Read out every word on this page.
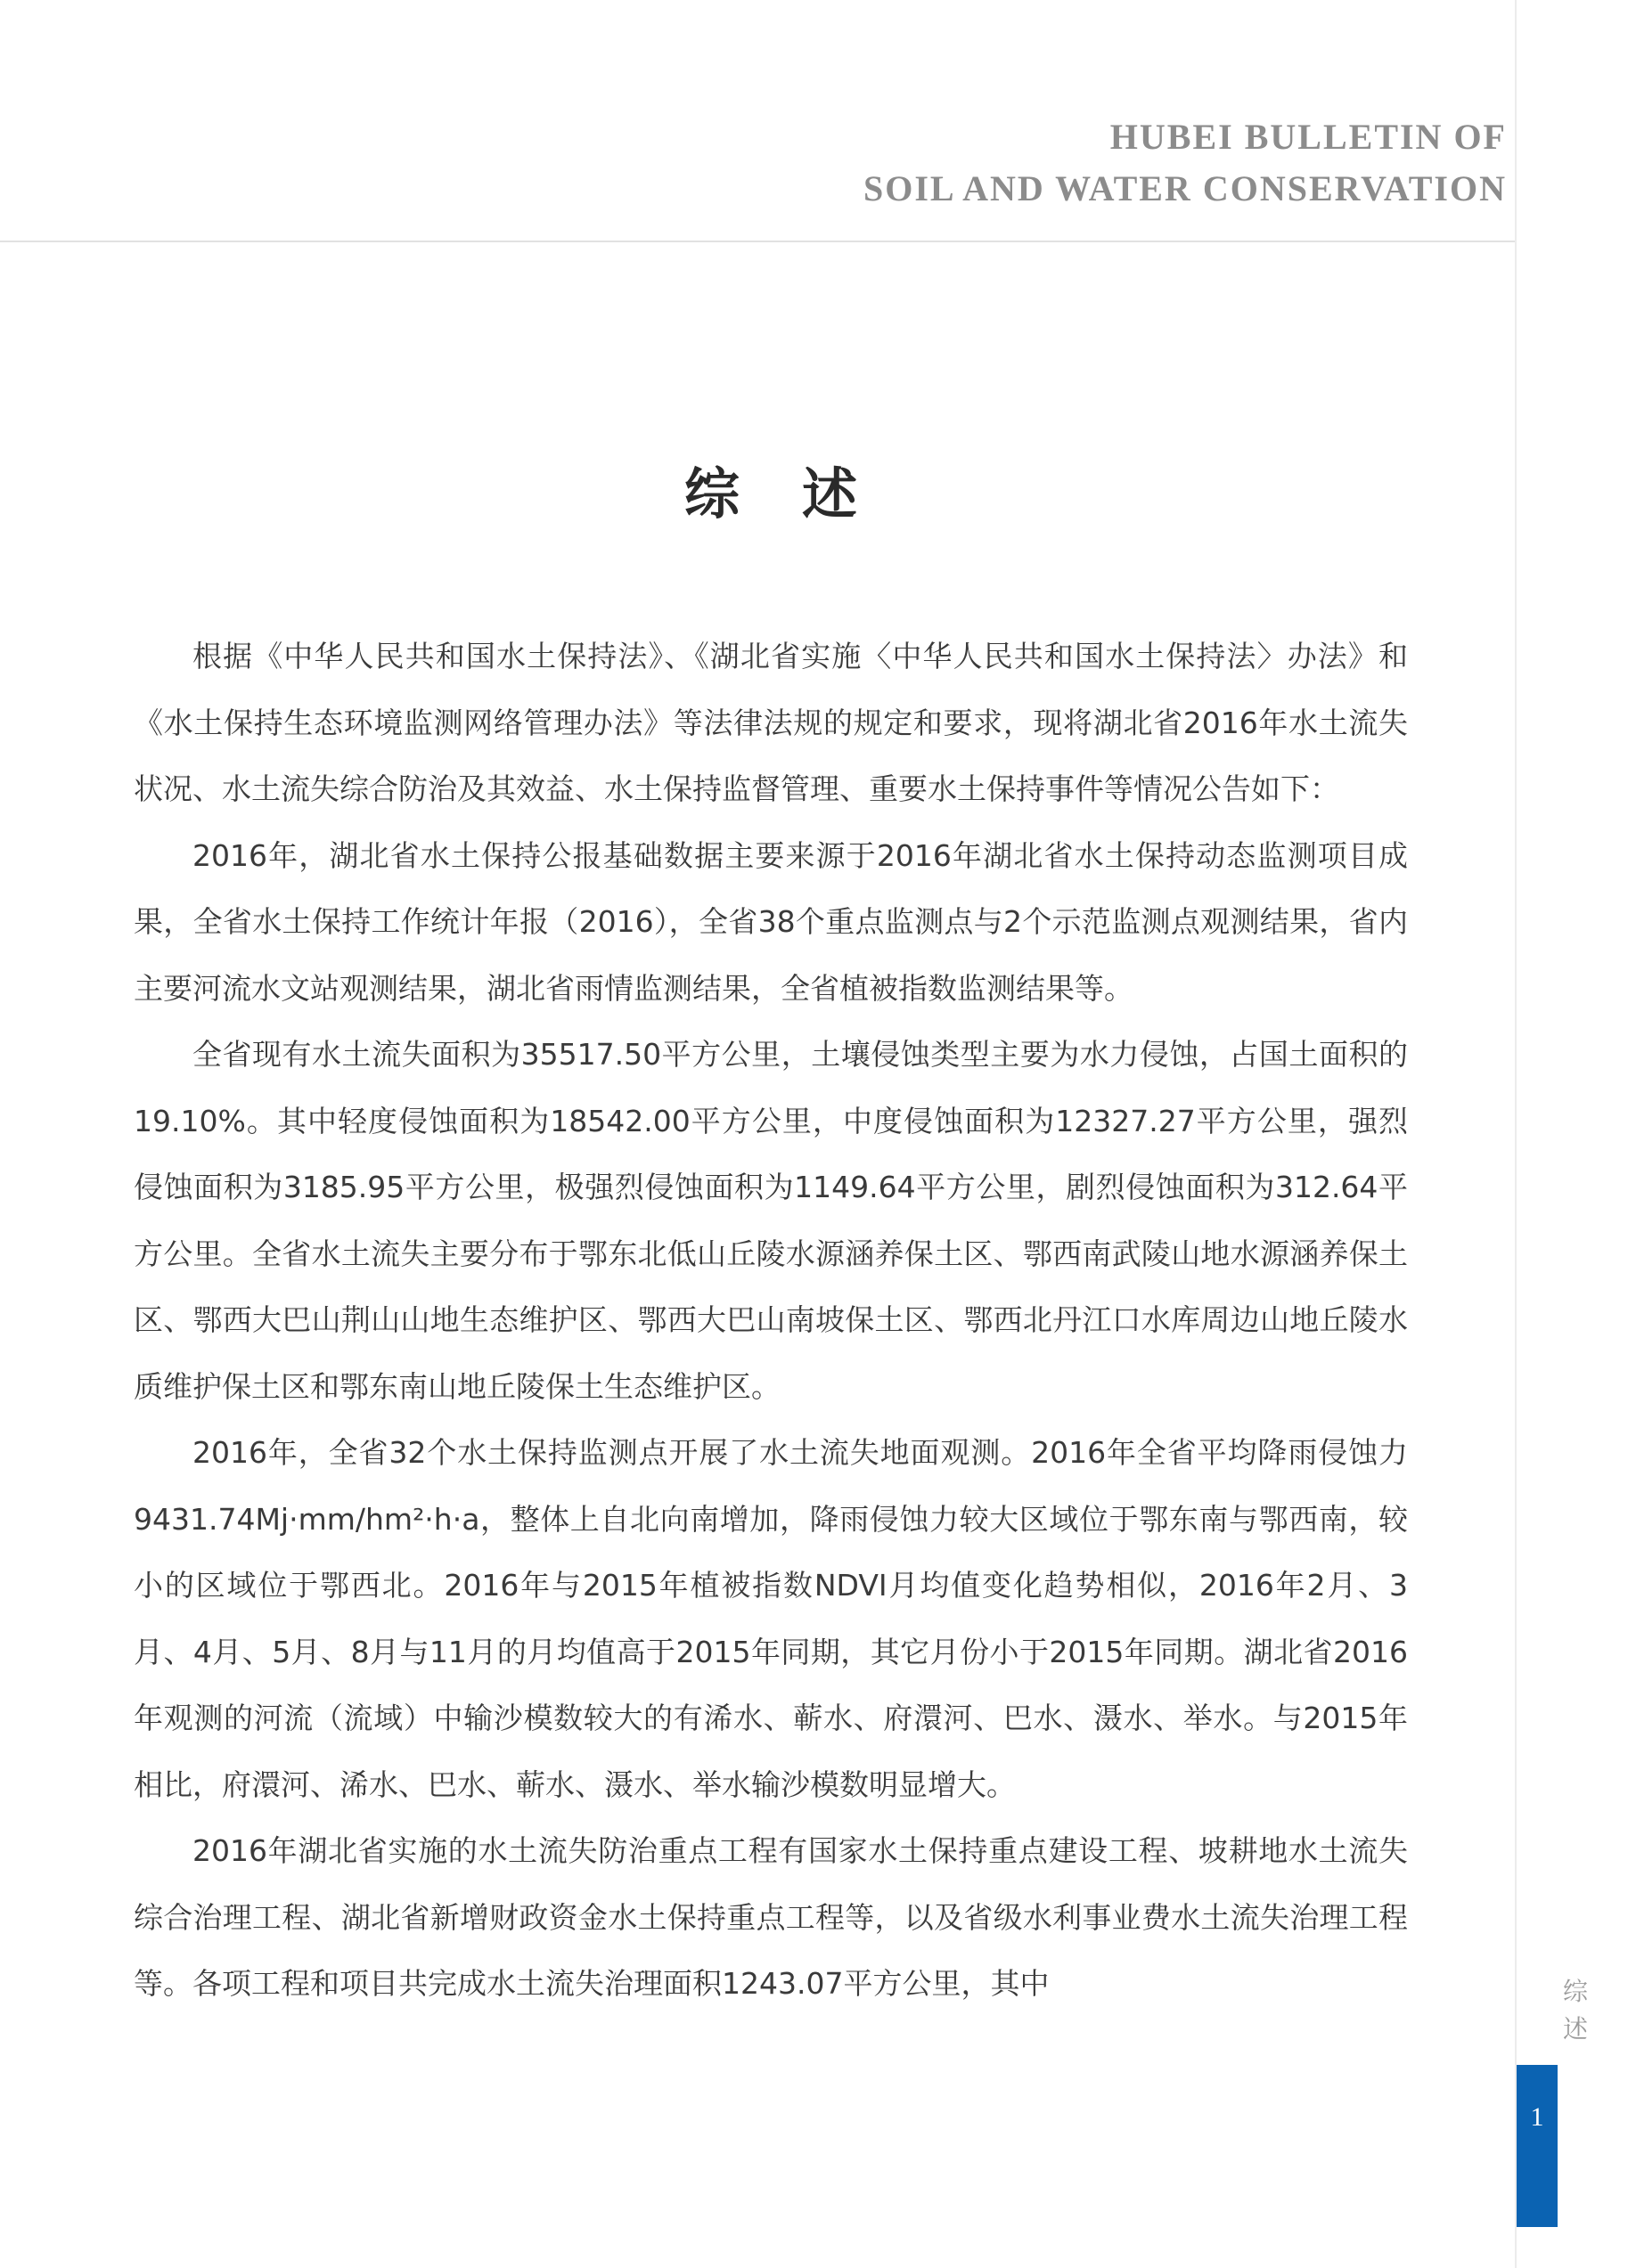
HUBEI BULLETIN OF
SOIL AND WATER CONSERVATION
综 述

根据《中华人民共和国水土保持法》、《湖北省实施〈中华人民共和国水土保持法〉办法》和《水土保持生态环境监测网络管理办法》等法律法规的规定和要求，现将湖北省2016年水土流失状况、水土流失综合防治及其效益、水土保持监督管理、重要水土保持事件等情况公告如下：

2016年，湖北省水土保持公报基础数据主要来源于2016年湖北省水土保持动态监测项目成果，全省水土保持工作统计年报（2016），全省38个重点监测点与2个示范监测点观测结果，省内主要河流水文站观测结果，湖北省雨情监测结果，全省植被指数监测结果等。

全省现有水土流失面积为35517.50平方公里，土壤侵蚀类型主要为水力侵蚀，占国土面积的19.10%。其中轻度侵蚀面积为18542.00平方公里，中度侵蚀面积为12327.27平方公里，强烈侵蚀面积为3185.95平方公里，极强烈侵蚀面积为1149.64平方公里，剧烈侵蚀面积为312.64平方公里。全省水土流失主要分布于鄂东北低山丘陵水源涵养保土区、鄂西南武陵山地水源涵养保土区、鄂西大巴山荆山山地生态维护区、鄂西大巴山南坡保土区、鄂西北丹江口水库周边山地丘陵水质维护保土区和鄂东南山地丘陵保土生态维护区。

2016年，全省32个水土保持监测点开展了水土流失地面观测。2016年全省平均降雨侵蚀力9431.74Mj·mm/hm²·h·a，整体上自北向南增加，降雨侵蚀力较大区域位于鄂东南与鄂西南，较小的区域位于鄂西北。2016年与2015年植被指数NDVI月均值变化趋势相似，2016年2月、3月、4月、5月、8月与11月的月均值高于2015年同期，其它月份小于2015年同期。湖北省2016年观测的河流（流域）中输沙模数较大的有浠水、蕲水、府澴河、巴水、滠水、举水。与2015年相比，府澴河、浠水、巴水、蕲水、滠水、举水输沙模数明显增大。

2016年湖北省实施的水土流失防治重点工程有国家水土保持重点建设工程、坡耕地水土流失综合治理工程、湖北省新增财政资金水土保持重点工程等，以及省级水利事业费水土流失治理工程等。各项工程和项目共完成水土流失治理面积1243.07平方公里，其中	综
述
1
